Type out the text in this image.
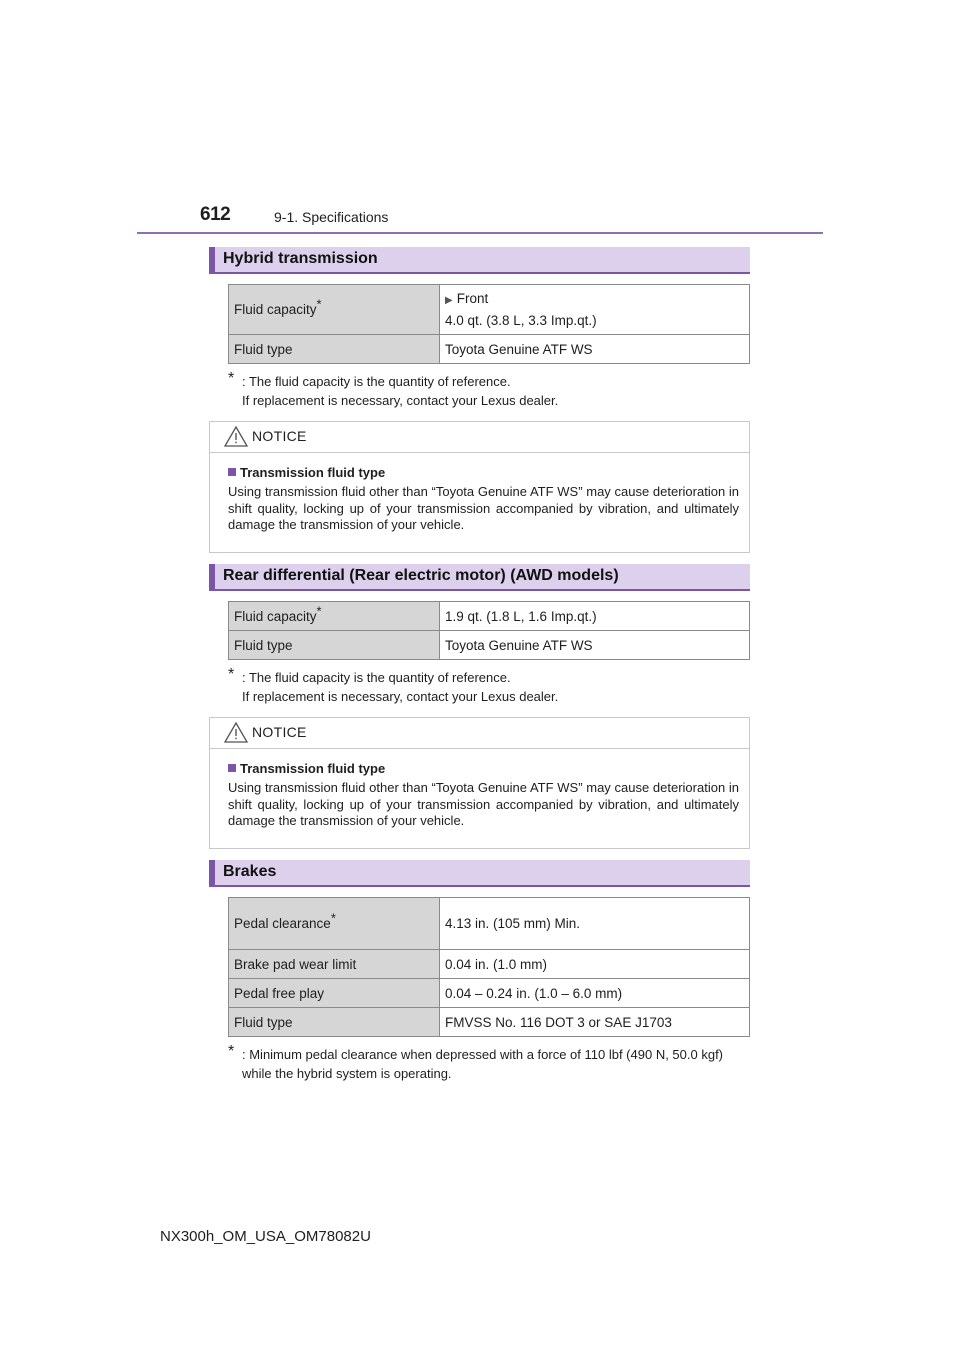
612	9-1. Specifications
Hybrid transmission
Fluid capacity*	▶ Front
4.0 qt. (3.8 L, 3.3 Imp.qt.)

Fluid type	Toyota Genuine ATF WS
* : The fluid capacity is the quantity of reference.
If replacement is necessary, contact your Lexus dealer.
NOTICE
Transmission fluid type
Using transmission fluid other than “Toyota Genuine ATF WS” may cause deterioration in shift quality, locking up of your transmission accompanied by vibration, and ultimately damage the transmission of your vehicle.
Rear differential (Rear electric motor) (AWD models)
Fluid capacity*	1.9 qt. (1.8 L, 1.6 Imp.qt.)
Fluid type	Toyota Genuine ATF WS
* : The fluid capacity is the quantity of reference.
If replacement is necessary, contact your Lexus dealer.
NOTICE
Transmission fluid type
Using transmission fluid other than “Toyota Genuine ATF WS” may cause deterioration in shift quality, locking up of your transmission accompanied by vibration, and ultimately damage the transmission of your vehicle.
Brakes
Pedal clearance*	4.13 in. (105 mm) Min.
Brake pad wear limit	0.04 in. (1.0 mm)
Pedal free play	0.04 – 0.24 in. (1.0 – 6.0 mm)
Fluid type	FMVSS No. 116 DOT 3 or SAE J1703
* : Minimum pedal clearance when depressed with a force of 110 lbf (490 N, 50.0 kgf)
while the hybrid system is operating.
NX300h_OM_USA_OM78082U
